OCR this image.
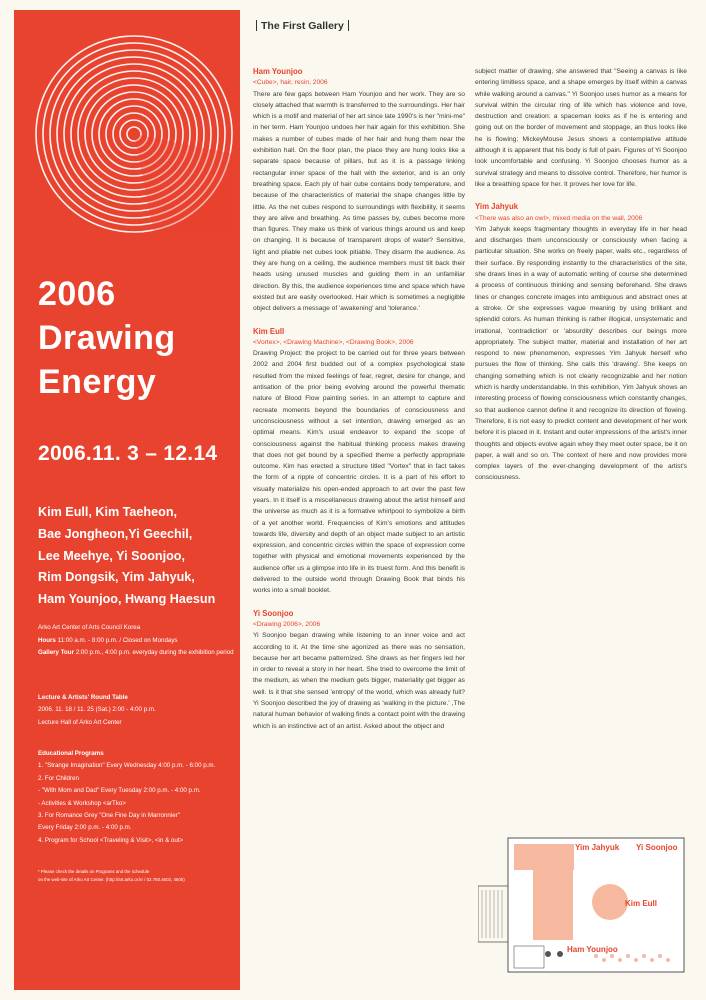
2006
Drawing
Energy
2006.11. 3 – 12.14
Kim Eull, Kim Taeheon,
Bae Jongheon,Yi Geechil,
Lee Meehye, Yi Soonjoo,
Rim Dongsik, Yim Jahyuk,
Ham Younjoo, Hwang Haesun
Arko Art Center of Arts Council Korea
Hours 11:00 a.m. - 8:00 p.m. / Closed on Mondays
Gallery Tour 2:00 p.m., 4:00 p.m. everyday during the exhibition period
Lecture & Artists' Round Table
2006. 11. 18 / 11. 25 (Sat.) 2:00 - 4:00 p.m.
Lecture Hall of Arko Art Center
Educational Programs
1. "Strange Imagination" Every Wednesday 4:00 p.m. - 6:00 p.m.
2. For Children
- "With Mom and Dad" Every Tuesday 2:00 p.m. - 4:00 p.m.
- Activities & Workshop <arTko>
3. For Romance Grey "One Fine Day in Marronnier"
Every Friday 2:00 p.m. - 4:00 p.m.
4. Program for School <Traveling & Visit>, <in & out>
* Please check the details on Programs and the schedule
on the web-site of Arko Art Center. (http://art.arko.or.kr / 02.760.4602, 4605)
The First Gallery
Ham Younjoo
<Cube>, hair, resin, 2006

There are few gaps between Ham Younjoo and her work. They are so closely attached that warmth is transferred to the surroundings. Her hair which is a motif and material of her art since late 1990's is her "mini-me" in her term. Ham Younjoo undoes her hair again for this exhibition. She makes a number of cubes made of her hair and hung them near the exhibition hall. On the floor plan, the place they are hung looks like a separate space because of pillars, but as it is a passage linking rectangular inner space of the hall with the exterior, and is an only breathing space. Each ply of hair cube contains body temperature, and because of the characteristics of material the shape changes little by little. As the net cubes respond to surroundings with flexibility, it seems they are alive and breathing. As time passes by, cubes become more than figures. They make us think of various things around us and keep on changing. It is because of transparent drops of water? Sensitive, light and pliable net cubes look pitiable. They disarm the audience. As they are hung on a ceiling, the audience members must tilt back their heads using unused muscles and guiding them in an unfamiliar direction. By this, the audience experiences time and space which have existed but are easily overlooked. Hair which is sometimes a negligible object delivers a message of 'awakening' and 'tolerance.'

Kim Eull
<Vortex>, <Drawing Machine>, <Drawing Book>, 2006

Drawing Project: the project to be carried out for three years between 2002 and 2004 first budded out of a complex psychological state resulted from the mixed feelings of fear, regret, desire for change, and antisation of the prior being evolving around the powerful thematic nature of Blood Flow painting series. In an attempt to capture and recreate moments beyond the boundaries of consciousness and unconsciousness without a set intention, drawing emerged as an optimal means. Kim's usual endeavor to expand the scope of consciousness against the habitual thinking process makes drawing that does not get bound by a specified theme a perfectly appropriate outcome. Kim has erected a structure titled "Vortex" that in fact takes the form of a ripple of concentric circles. It is a part of his effort to visually materialize his open-ended approach to art over the past few years. In it itself is a miscellaneous drawing about the artist himself and the universe as much as it is a formative whirlpool to symbolize a birth of a yet another world. Frequencies of Kim's emotions and attitudes towards life, diversity and depth of an object made subject to an artistic expression, and concentric circles within the space of expression come together with physical and emotional movements experienced by the audience offer us a glimpse into life in its truest form. And this benefit is delivered to the outside world through Drawing Book that binds his works into a small booklet.

Yi Soonjoo
<Drawing 2006>, 2006

Yi Soonjoo began drawing while listening to an inner voice and act according to it. At the time she agonized as there was no sensation, because her art became patternized. She draws as her fingers led her in order to reveal a story in her heart. She tried to overcome the limit of the medium, as when the medium gets bigger, materiality get bigger as well. Is it that she sensed 'entropy' of the world, which was already full? Yi Soonjoo described the joy of drawing as 'walking in the picture.' ,The natural human behavior of walking finds a contact point with the drawing which is an instinctive act of an artist. Asked about the object and

subject matter of drawing, she answered that "Seeing a canvas is like entering limitless space, and a shape emerges by itself within a canvas while walking around a canvas." Yi Soonjoo uses humor as a means for survival within the circular ring of life which has violence and love, destruction and creation: a spaceman looks as if he is entering and going out on the border of movement and stoppage, an thus looks like he is flowing; MickeyMouse Jesus shows a contemplative attitude although it is apparent that his body is full of pain. Figures of Yi Soonjoo look uncomfortable and confusing. Yi Soonjoo chooses humor as a survival strategy and means to dissolve control. Therefore, her humor is like a breathing space for her. It proves her love for life.

Yim Jahyuk
<There was also an owl>, mixed media on the wall, 2006

Yim Jahyuk keeps fragmentary thoughts in everyday life in her head and discharges them unconsciously or consciously when facing a particular situation. She works on freely paper, walls etc., regardless of their surface. By responding instantly to the characteristics of the site, she draws lines in a way of automatic writing of course she determined a process of continuous thinking and sensing beforehand. She draws lines or changes concrete images into ambiguous and abstract ones at a stroke. Or she expresses vague meaning by using brilliant and splendid colors. As human thinking is rather illogical, unsystematic and irrational, 'contradiction' or 'absurdity' describes our beings more appropriately. The subject matter, material and installation of her art respond to new phenomenon, expresses Yim Jahyuk herself who pursues the flow of thinking. She calls this 'drawing'. She keeps on changing something which is not clearly recognizable and her notion which is hardly understandable. In this exhibition, Yim Jahyuk shows an interesting process of flowing consciousness which constantly changes, so that audience cannot define it and recognize its direction of flowing. Therefore, it is not easy to predict content and development of her work before it is placed in it. Instant and outer impressions of the artist's inner thoughts and objects evolve again whey they meet outer space, be it on paper, a wall and so on. The context of here and now provides more complex layers of the ever-changing development of the artist's consciousness.

Yim Jahyuk Yi Soonjoo
Kim Eull
Ham Younjoo
